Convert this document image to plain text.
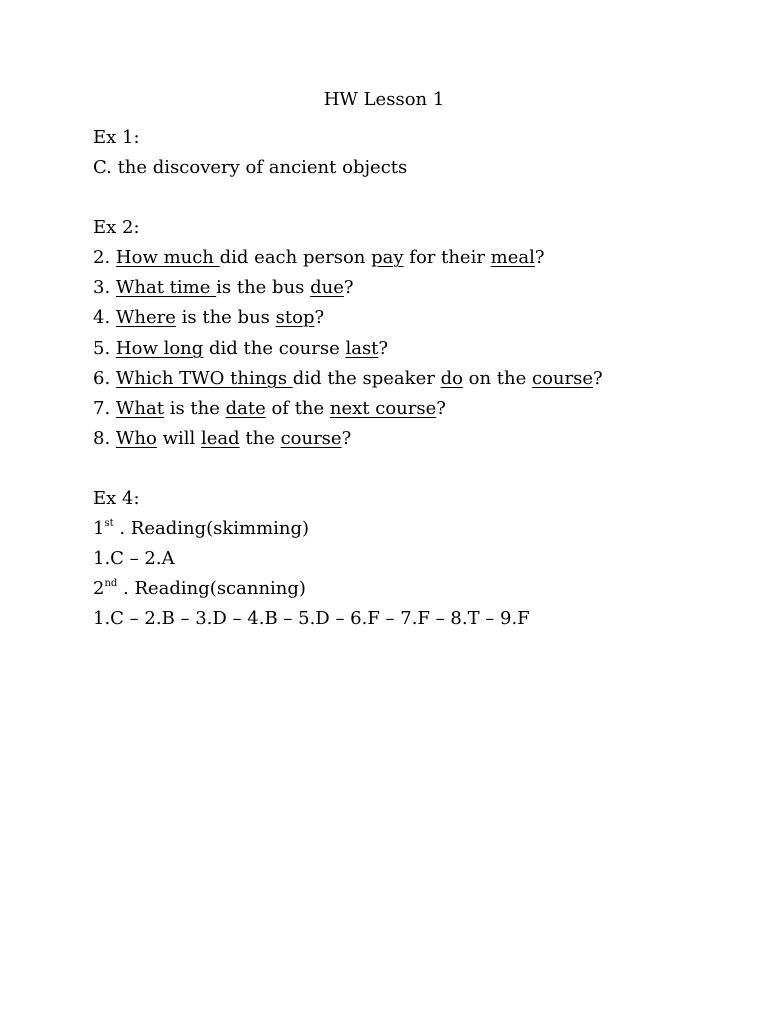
HW Lesson 1
Ex 1:
C. the discovery of ancient objects
Ex 2:
2. How much did each person pay for their meal?
3. What time is the bus due?
4. Where is the bus stop?
5. How long did the course last?
6. Which TWO things did the speaker do on the course?
7. What is the date of the next course?
8. Who will lead the course?
Ex 4:
1st . Reading(skimming)
1.C – 2.A
2nd . Reading(scanning)
1.C – 2.B – 3.D – 4.B – 5.D – 6.F – 7.F – 8.T – 9.F
